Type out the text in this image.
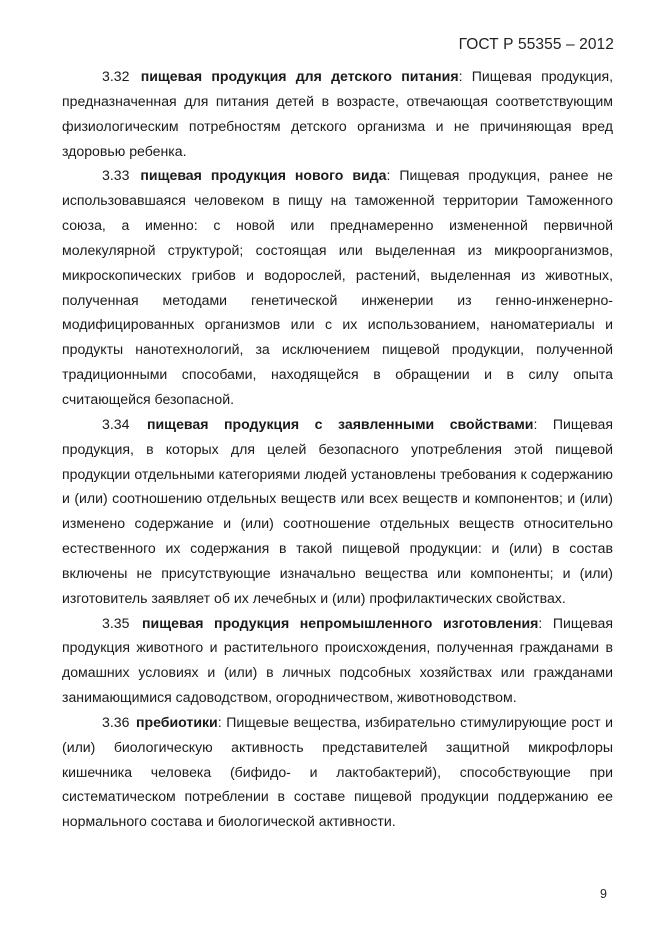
ГОСТ Р 55355 – 2012

3.32 пищевая продукция для детского питания: Пищевая продукция, предназначенная для питания детей в возрасте, отвечающая соответствующим физиологическим потребностям детского организма и не причиняющая вред здоровью ребенка.

3.33 пищевая продукция нового вида: Пищевая продукция, ранее не использовавшаяся человеком в пищу на таможенной территории Таможенного союза, а именно: с новой или преднамеренно измененной первичной молекулярной структурой; состоящая или выделенная из микроорганизмов, микроскопических грибов и водорослей, растений, выделенная из животных, полученная методами генетической инженерии из генно-инженерно-модифицированных организмов или с их использованием, наноматериалы и продукты нанотехнологий, за исключением пищевой продукции, полученной традиционными способами, находящейся в обращении и в силу опыта считающейся безопасной.

3.34 пищевая продукция с заявленными свойствами: Пищевая продукция, в которых для целей безопасного употребления этой пищевой продукции отдельными категориями людей установлены требования к содержанию и (или) соотношению отдельных веществ или всех веществ и компонентов; и (или) изменено содержание и (или) соотношение отдельных веществ относительно естественного их содержания в такой пищевой продукции: и (или) в состав включены не присутствующие изначально вещества или компоненты; и (или) изготовитель заявляет об их лечебных и (или) профилактических свойствах.

3.35 пищевая продукция непромышленного изготовления: Пищевая продукция животного и растительного происхождения, полученная гражданами в домашних условиях и (или) в личных подсобных хозяйствах или гражданами занимающимися садоводством, огородничеством, животноводством.

3.36 пребиотики: Пищевые вещества, избирательно стимулирующие рост и (или) биологическую активность представителей защитной микрофлоры кишечника человека (бифидо- и лактобактерий), способствующие при систематическом потреблении в составе пищевой продукции поддержанию ее нормального состава и биологической активности.

9
